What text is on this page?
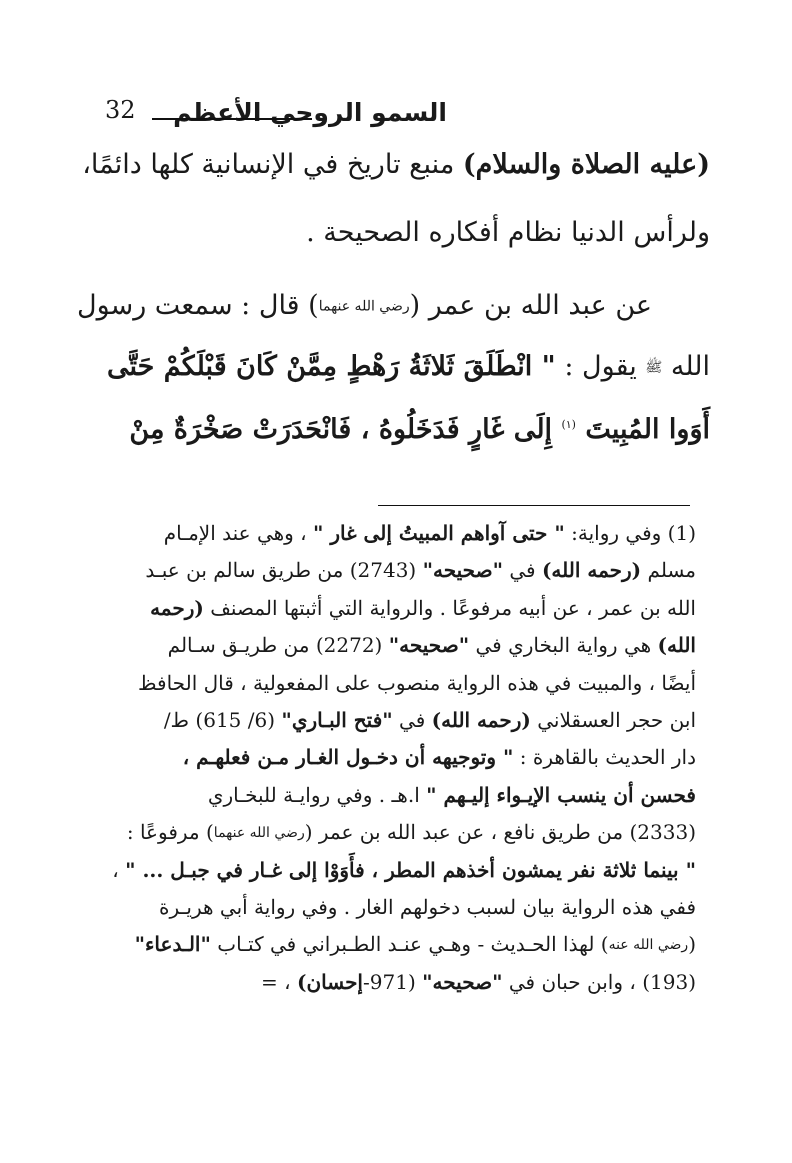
السمو الروحي الأعظم
32
(عليه الصلاة والسلام) منبع تاريخ في الإنسانية كلها دائمًا،
ولرأس الدنيا نظام أفكاره الصحيحة .
عن عبد الله بن عمر (رضي الله عنهما) قال : سمعت رسول
الله ﷺ يقول : " انْطَلَقَ ثَلاثَةُ رَهْطٍ مِمَّنْ كَانَ قَبْلَكُمْ حَتَّى
أَوَوا المُبِيتَ $^{(١)}$ إِلَى غَارٍ فَدَخَلُوهُ ، فَانْحَدَرَتْ صَخْرَةٌ مِنْ
(1) وفي رواية: " حتى آواهم المبيتُ إلى غار " ، وهي عند الإمـام
مسلم (رحمه الله) في "صحيحه" (2743) من طريق سالم بن عبـد
الله بن عمر ، عن أبيه مرفوعًا . والرواية التي أثبتها المصنف (رحمه
الله) هي رواية البخاري في "صحيحه" (2272) من طريـق سـالم
أيضًا ، والمبيت في هذه الرواية منصوب على المفعولية ، قال الحافظ
ابن حجر العسقلاني (رحمه الله) في "فتح البـاري" (6/ 615) ط/
دار الحديث بالقاهرة : " وتوجيهه أن دخـول الغـار مـن فعلهـم ،
فحسن أن ينسب الإيـواء إليـهم " ا.هـ . وفي روايـة للبخـاري
(2333) من طريق نافع ، عن عبد الله بن عمر (رضي الله عنهما) مرفوعًا :
" بينما ثلاثة نفر يمشون أخذهم المطر ، فأَوَوْا إلى غـار في جبـل ... " ،
ففي هذه الرواية بيان لسبب دخولهم الغار . وفي رواية أبي هريـرة
(رضي الله عنه) لهذا الحـديث - وهـي عنـد الطـبراني في كتـاب "الـدعاء"
(193) ، وابن حبان في "صحيحه" (971-إحسان) ، =
